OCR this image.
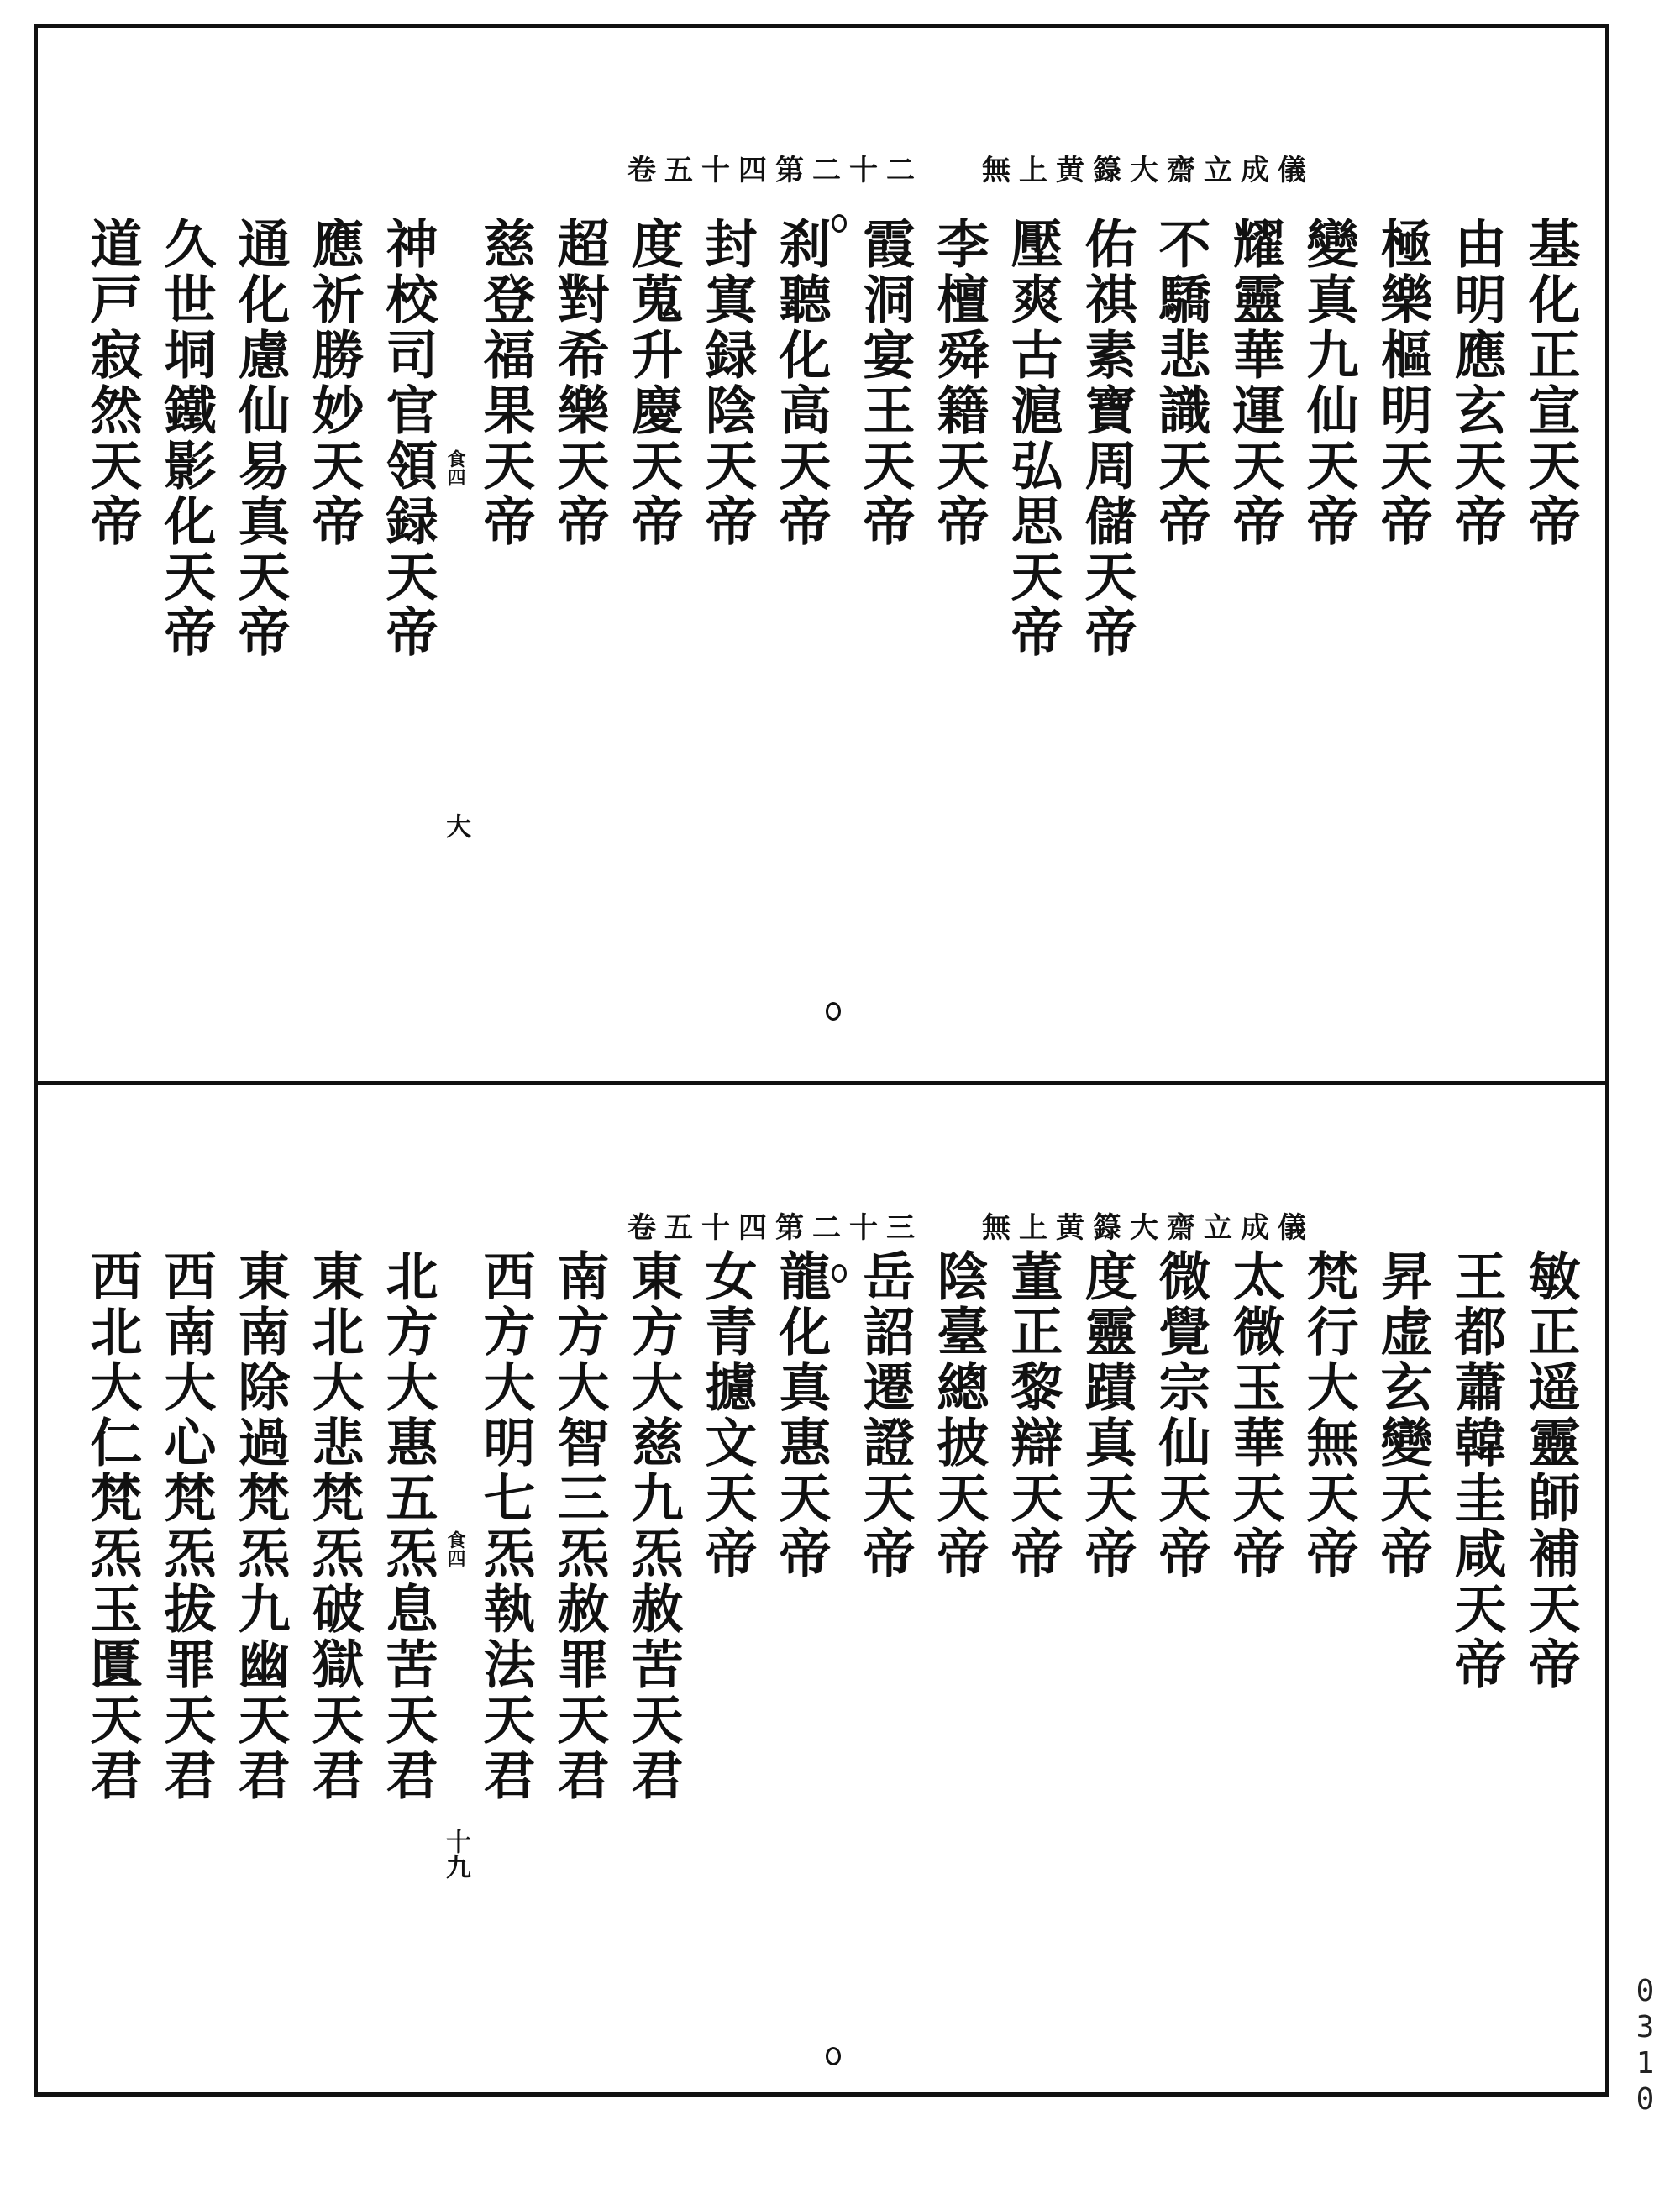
無上黄籙大齋立成儀
卷五十四第二十二
基化正宣天帝
由明應玄天帝
極樂樞明天帝
變真九仙天帝
耀靈華運天帝
不驕悲識天帝
佑祺素寶周儲天帝
壓爽古滬弘思天帝
李檀舜籍天帝
霞洞宴王天帝
刹聽化高天帝
封寘録陰天帝
度蒐升慶天帝
超對希樂天帝
慈登福果天帝
神校司官領録天帝
應祈勝妙天帝
通化慮仙易真天帝
久世垌鐵影化天帝
道戸寂然天帝	食四
大
無上黄籙大齋立成儀
卷五十四第二十三
敏正遥靈師補天帝
王都蕭韓圭咸天帝
昇虚玄變天帝
梵行大無天帝
太微玉華天帝
微覺宗仙天帝
度靈蹟真天帝
董正黎辯天帝
陰臺總披天帝
岳詔遷證天帝
龍化真惠天帝
女青攄文天帝
東方大慈九炁赦苦天君
南方大智三炁赦罪天君
西方大明七炁執法天君
北方大惠五炁息苦天君
東北大悲梵炁破獄天君
東南除過梵炁九幽天君
西南大心梵炁拔罪天君
西北大仁梵炁玉匱天君	食四
十九
0310
